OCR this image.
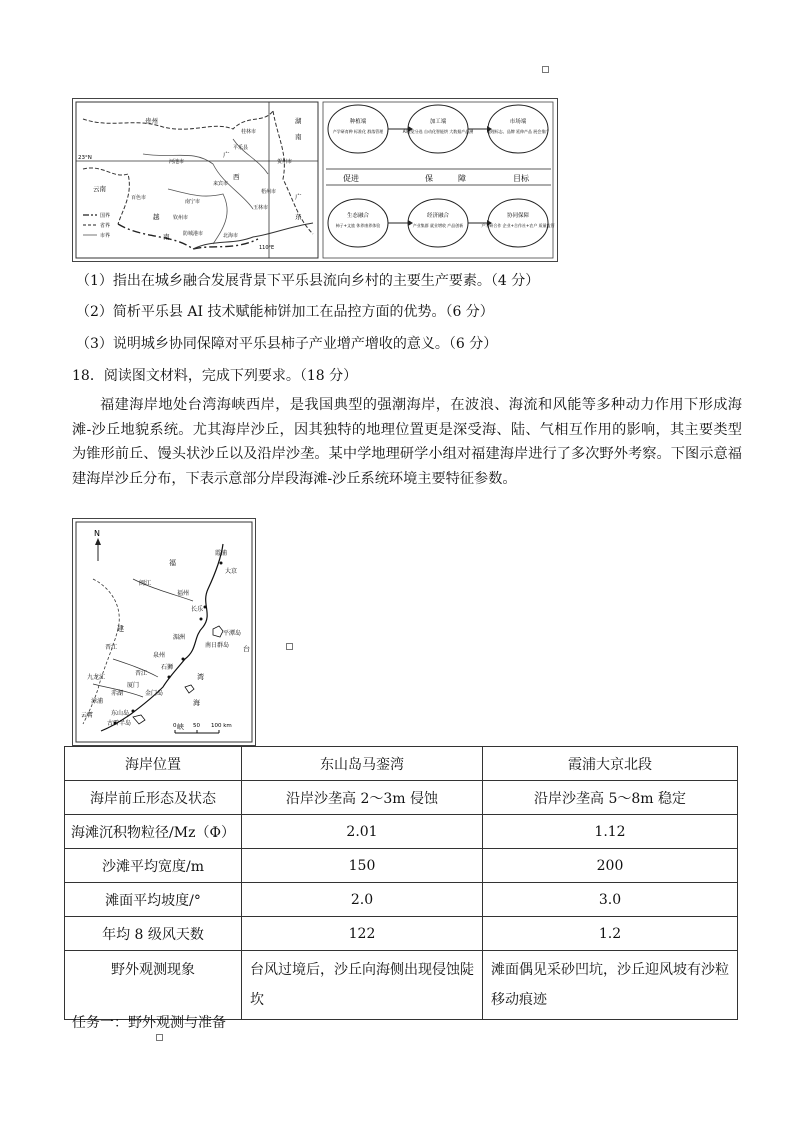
贵州	湖
南
23°N
桂林市
平乐县
河池市	贺州市
广
西
云南
来宾市
梧州市
南宁市
百色市
玉林市
钦州市
北海市
防城港市
广
东
越
南
110°E
国界
省界
市界
种植端
产学研育种 标准化 群落管理
加工端
AI视觉分选 自动化智能烘 大数据产品溯
市场端
地理标志、品牌 延伸产品 展会推广
促进	保	障	目标
生态融合
柿子+文旅 休养康养体验
经济融合
产业集群 就业增收 产品创新
协同保障
产学研合作 企业+合作社+农户 质量监管
（1）指出在城乡融合发展背景下平乐县流向乡村的主要生产要素。（4 分）
（2）简析平乐县 AI 技术赋能柿饼加工在品控方面的优势。（6 分）
（3）说明城乡协同保障对平乐县柿子产业增产增收的意义。（6 分）
18．阅读图文材料，完成下列要求。（18 分）
福建海岸地处台湾海峡西岸，是我国典型的强潮海岸，在波浪、海流和风能等多种动力作用下形成海滩-沙丘地貌系统。尤其海岸沙丘，因其独特的地理位置更是深受海、陆、气相互作用的影响，其主要类型为锥形前丘、馒头状沙丘以及沿岸沙垄。某中学地理研学小组对福建海岸进行了多次野外考察。下图示意福建海岸沙丘分布，下表示意部分岸段海滩-沙丘系统环境主要特征参数。
N
霞浦
大京
福
闽江
福州
长乐
平潭岛
南日群岛 台
建
湄洲
晋江
泉州
石狮
晋江	湾
九龙江
厦门
金门岛
赤湖
漳浦	海
云霄	东山岛
古雷半岛	峡
0	50 100 km
海岸位置	东山岛马銮湾	霞浦大京北段
海岸前丘形态及状态	沿岸沙垄高 2～3m 侵蚀	沿岸沙垄高 5～8m 稳定
海滩沉积物粒径/Mz（Φ）	2.01	1.12
沙滩平均宽度/m	150	200
滩面平均坡度/°	2.0	3.0
年均 8 级风天数	122	1.2
野外观测现象	台风过境后，沙丘向海侧出现侵蚀陡坎	滩面偶见采砂凹坑，沙丘迎风坡有沙粒移动痕迹
任务一：野外观测与准备
